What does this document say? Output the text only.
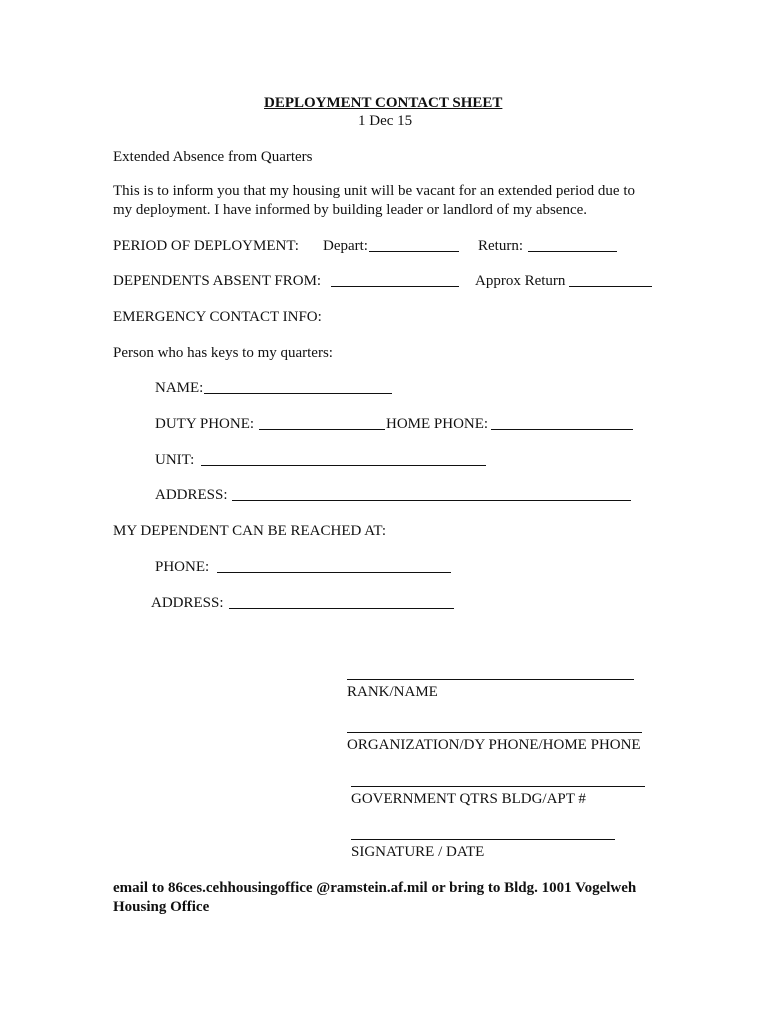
DEPLOYMENT CONTACT SHEET
1 Dec 15
Extended Absence from Quarters
This is to inform you that my housing unit will be vacant for an extended period due to
my deployment. I have informed by building leader or landlord of my absence.
PERIOD OF DEPLOYMENT: Depart:	Return:
DEPENDENTS ABSENT FROM:	Approx Return
EMERGENCY CONTACT INFO:
Person who has keys to my quarters:
NAME:
DUTY PHONE:	HOME PHONE:
UNIT:
ADDRESS:
MY DEPENDENT CAN BE REACHED AT:
PHONE:
ADDRESS:
RANK/NAME
ORGANIZATION/DY PHONE/HOME PHONE
GOVERNMENT QTRS BLDG/APT #
SIGNATURE / DATE
email to 86ces.cehhousingoffice @ramstein.af.mil or bring to Bldg. 1001 Vogelweh
Housing Office
